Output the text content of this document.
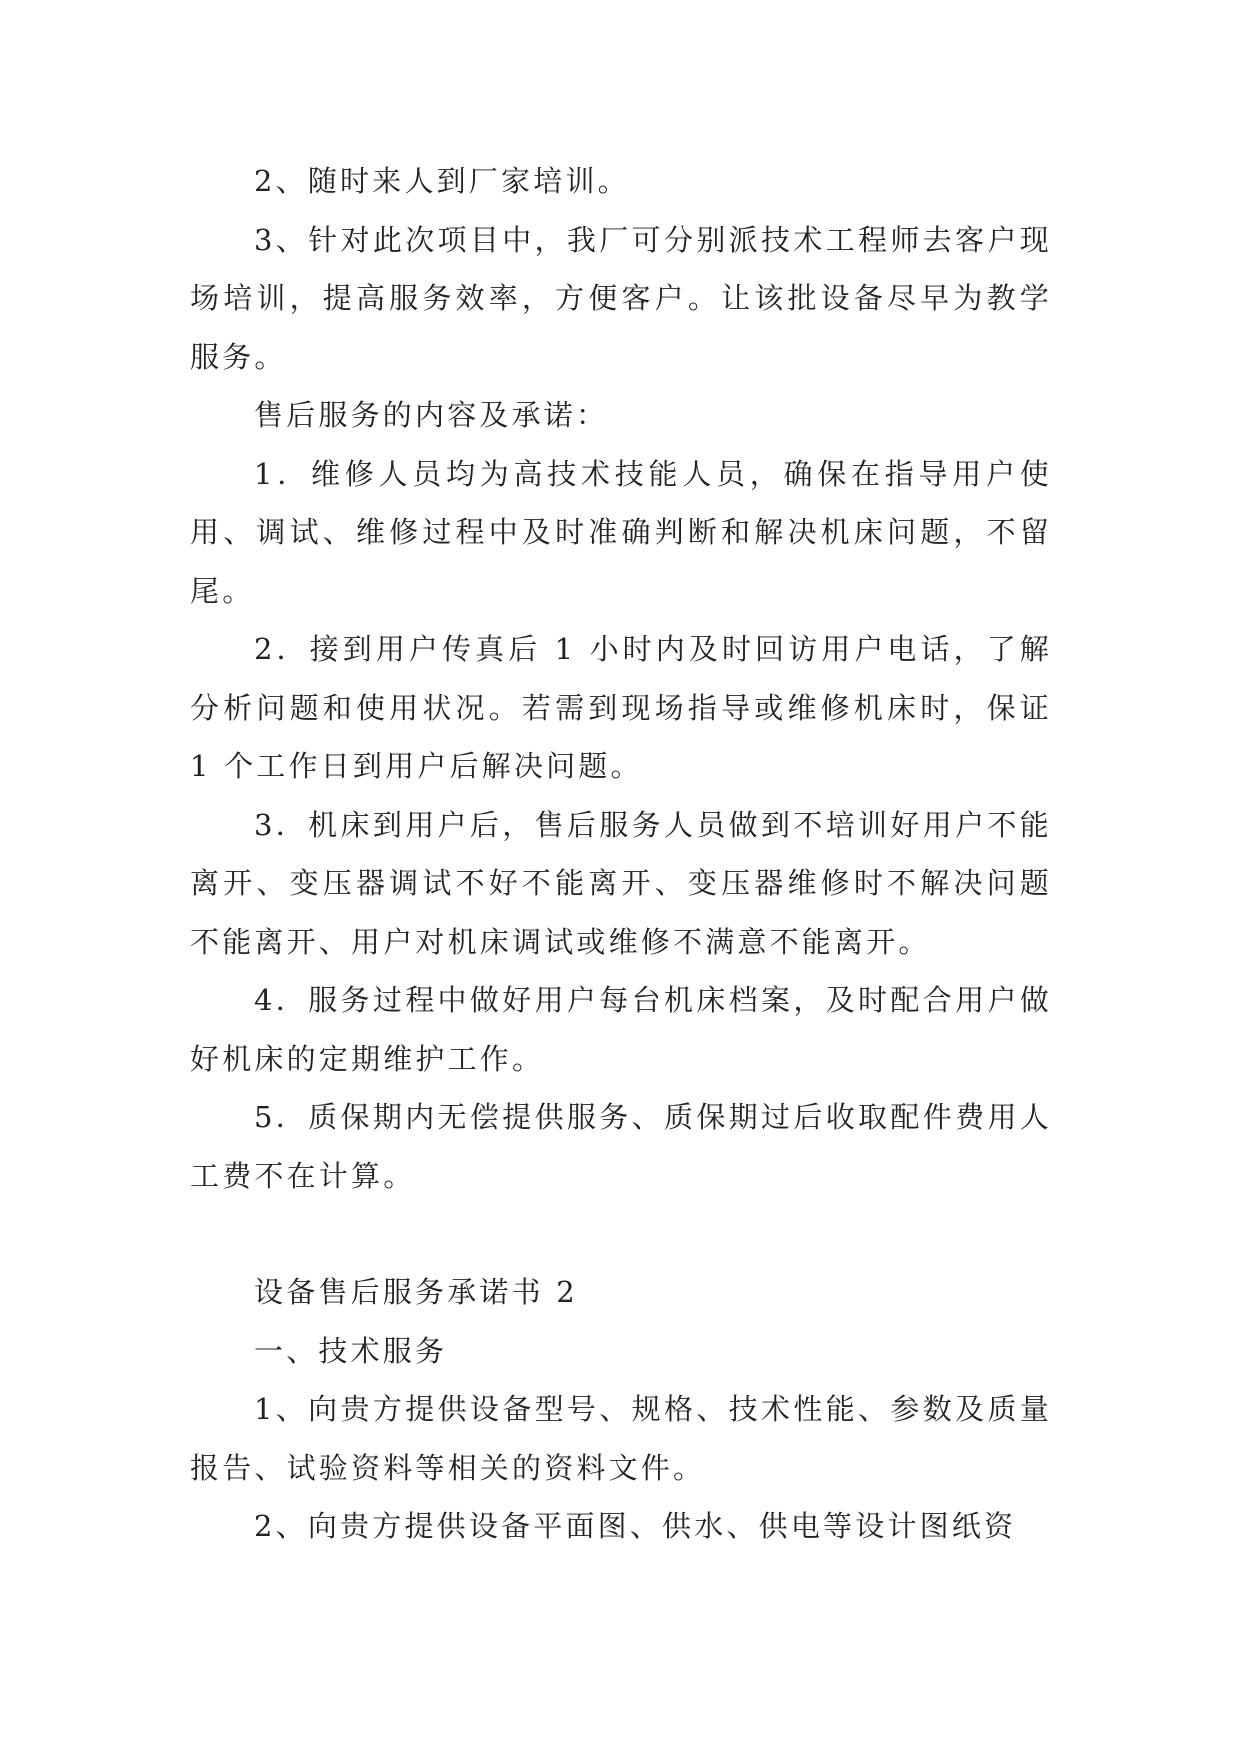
2、随时来人到厂家培训。

3、针对此次项目中，我厂可分别派技术工程师去客户现场培训，提高服务效率，方便客户。让该批设备尽早为教学服务。

售后服务的内容及承诺：

1．维修人员均为高技术技能人员，确保在指导用户使用、调试、维修过程中及时准确判断和解决机床问题，不留尾。

2．接到用户传真后 1 小时内及时回访用户电话，了解分析问题和使用状况。若需到现场指导或维修机床时，保证 1 个工作日到用户后解决问题。

3．机床到用户后，售后服务人员做到不培训好用户不能离开、变压器调试不好不能离开、变压器维修时不解决问题不能离开、用户对机床调试或维修不满意不能离开。

4．服务过程中做好用户每台机床档案，及时配合用户做好机床的定期维护工作。

5．质保期内无偿提供服务、质保期过后收取配件费用人工费不在计算。

设备售后服务承诺书 2

一、技术服务

1、向贵方提供设备型号、规格、技术性能、参数及质量报告、试验资料等相关的资料文件。

2、向贵方提供设备平面图、供水、供电等设计图纸资
